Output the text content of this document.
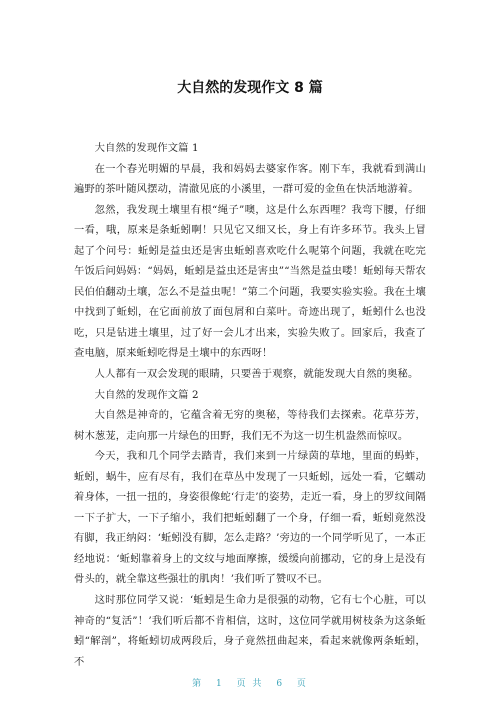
大自然的发现作文 8 篇

大自然的发现作文篇 1

在一个春光明媚的早晨，我和妈妈去婆家作客。刚下车，我就看到满山遍野的茶叶随风摆动，清澈见底的小溪里，一群可爱的金鱼在快活地游着。

忽然，我发现土壤里有根“绳子”噢，这是什么东西哩？我弯下腰，仔细一看，哦，原来是条蚯蚓啊！只见它又细又长，身上有许多环节。我头上冒起了个问号：蚯蚓是益虫还是害虫蚯蚓喜欢吃什么呢第个问题，我就在吃完午饭后问妈妈：“妈妈，蚯蚓是益虫还是害虫”“当然是益虫喽！蚯蚓每天帮农民伯伯翻动土壤，怎么不是益虫呢！”第二个问题，我要实验实验。我在土壤中找到了蚯蚓，在它面前放了面包屑和白菜叶。奇迹出现了，蚯蚓什么也没吃，只是钻进土壤里，过了好一会儿才出来，实验失败了。回家后，我查了查电脑，原来蚯蚓吃得是土壤中的东西呀！

人人都有一双会发现的眼睛，只要善于观察，就能发现大自然的奥秘。

大自然的发现作文篇 2

大自然是神奇的，它蕴含着无穷的奥秘，等待我们去探索。花草芬芳，树木葱茏，走向那一片绿色的田野，我们无不为这一切生机盎然而惊叹。

今天，我和几个同学去踏青，我们来到一片绿茵的草地，里面的蚂蚱，蚯蚓，蜗牛，应有尽有，我们在草丛中发现了一只蚯蚓，远处一看，它蠕动着身体，一扭一扭的，身姿很像蛇‘行走’的姿势，走近一看，身上的罗纹间隔一下子扩大，一下子缩小，我们把蚯蚓翻了一个身，仔细一看，蚯蚓竟然没有脚，我正纳闷：‘蚯蚓没有脚，怎么走路？’旁边的一个同学听见了，一本正经地说：‘蚯蚓靠着身上的文纹与地面摩擦，缓缓向前挪动，它的身上是没有骨头的，就全靠这些强壮的肌肉！’我们听了赞叹不已。

这时那位同学又说：‘蚯蚓是生命力是很强的动物，它有七个心脏，可以神奇的“复活”！’我们听后都不肯相信，这时，这位同学就用树枝条为这条蚯蚓“解剖”，将蚯蚓切成两段后，身子竟然扭曲起来，看起来就像两条蚯蚓，不

第 1 页 共 6 页
